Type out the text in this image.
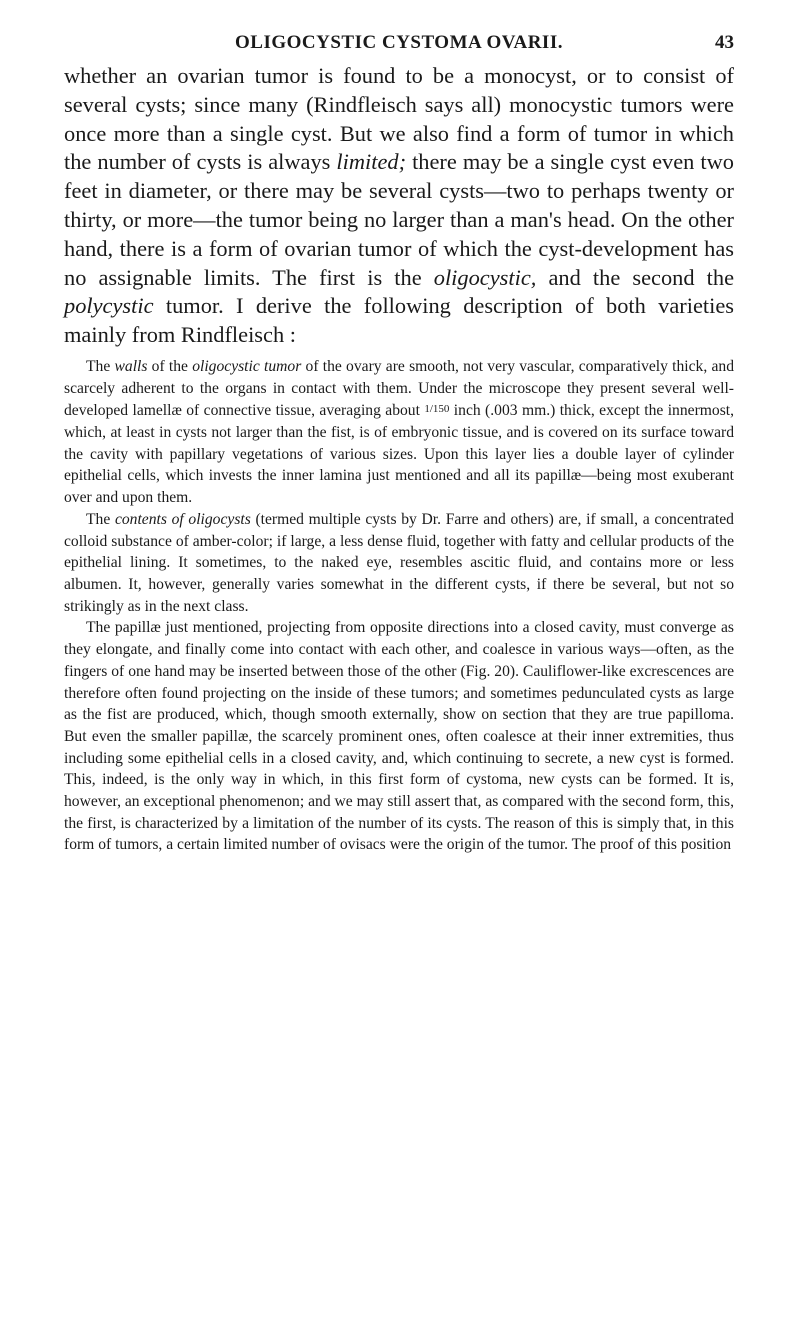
OLIGOCYSTIC CYSTOMA OVARII.	43

whether an ovarian tumor is found to be a monocyst, or to consist of several cysts; since many (Rindfleisch says all) monocystic tumors were once more than a single cyst. But we also find a form of tumor in which the number of cysts is always limited; there may be a single cyst even two feet in diameter, or there may be several cysts—two to perhaps twenty or thirty, or more—the tumor being no larger than a man's head. On the other hand, there is a form of ovarian tumor of which the cyst-development has no assignable limits. The first is the oligocystic, and the second the polycystic tumor. I derive the following description of both varieties mainly from Rindfleisch :

The walls of the oligocystic tumor of the ovary are smooth, not very vascular, comparatively thick, and scarcely adherent to the organs in contact with them. Under the microscope they present several well-developed lamellæ of connective tissue, averaging about 1/150 inch (.003 mm.) thick, except the innermost, which, at least in cysts not larger than the fist, is of embryonic tissue, and is covered on its surface toward the cavity with papillary vegetations of various sizes. Upon this layer lies a double layer of cylinder epithelial cells, which invests the inner lamina just mentioned and all its papillæ—being most exuberant over and upon them.

The contents of oligocysts (termed multiple cysts by Dr. Farre and others) are, if small, a concentrated colloid substance of amber-color; if large, a less dense fluid, together with fatty and cellular products of the epithelial lining. It sometimes, to the naked eye, resembles ascitic fluid, and contains more or less albumen. It, however, generally varies somewhat in the different cysts, if there be several, but not so strikingly as in the next class.

The papillæ just mentioned, projecting from opposite directions into a closed cavity, must converge as they elongate, and finally come into contact with each other, and coalesce in various ways—often, as the fingers of one hand may be inserted between those of the other (Fig. 20). Cauliflower-like excrescences are therefore often found projecting on the inside of these tumors; and sometimes pedunculated cysts as large as the fist are produced, which, though smooth externally, show on section that they are true papilloma. But even the smaller papillæ, the scarcely prominent ones, often coalesce at their inner extremities, thus including some epithelial cells in a closed cavity, and, which continuing to secrete, a new cyst is formed. This, indeed, is the only way in which, in this first form of cystoma, new cysts can be formed. It is, however, an exceptional phenomenon; and we may still assert that, as compared with the second form, this, the first, is characterized by a limitation of the number of its cysts. The reason of this is simply that, in this form of tumors, a certain limited number of ovisacs were the origin of the tumor. The proof of this position
